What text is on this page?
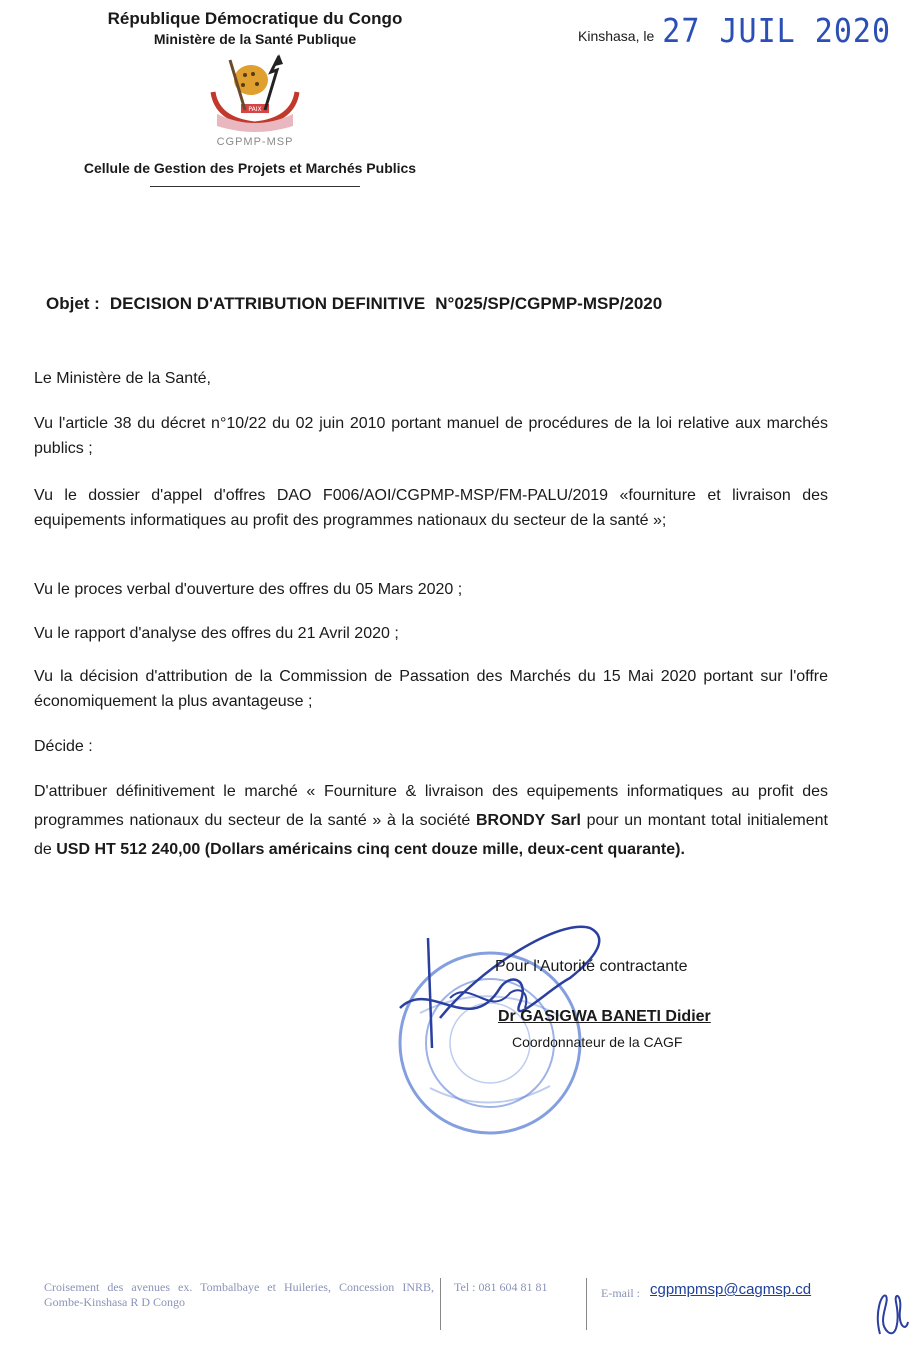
République Démocratique du Congo

Ministère de la Santé Publique

PAIX
CGPMP-MSP
Cellule de Gestion des Projets et Marchés Publics
Kinshasa, le 27 JUIL 2020
Objet : DECISION D'ATTRIBUTION DEFINITIVE N°025/SP/CGPMP-MSP/2020

Le Ministère de la Santé,

Vu l'article 38 du décret n°10/22 du 02 juin 2010 portant manuel de procédures de la loi relative aux marchés publics ;

Vu le dossier d'appel d'offres DAO F006/AOI/CGPMP-MSP/FM-PALU/2019 «fourniture et livraison des equipements informatiques au profit des programmes nationaux du secteur de la santé »;

Vu le proces verbal d'ouverture des offres du 05 Mars 2020 ;

Vu le rapport d'analyse des offres du 21 Avril 2020 ;

Vu la décision d'attribution de la Commission de Passation des Marchés du 15 Mai 2020 portant sur l'offre économiquement la plus avantageuse ;

Décide :

D'attribuer définitivement le marché « Fourniture & livraison des equipements informatiques au profit des programmes nationaux du secteur de la santé » à la société BRONDY Sarl pour un montant total initialement de USD HT 512 240,00 (Dollars américains cinq cent douze mille, deux-cent quarante).

Pour l'Autorité contractante
Dr GASIGWA BANETI Didier
Coordonnateur de la CAGF
Croisement des avenues ex. Tombalbaye et Huileries, Concession INRB, Gombe-Kinshasa R D Congo
Tel : 081 604 81 81	E-mail : cgpmpmsp@cagmsp.cd
